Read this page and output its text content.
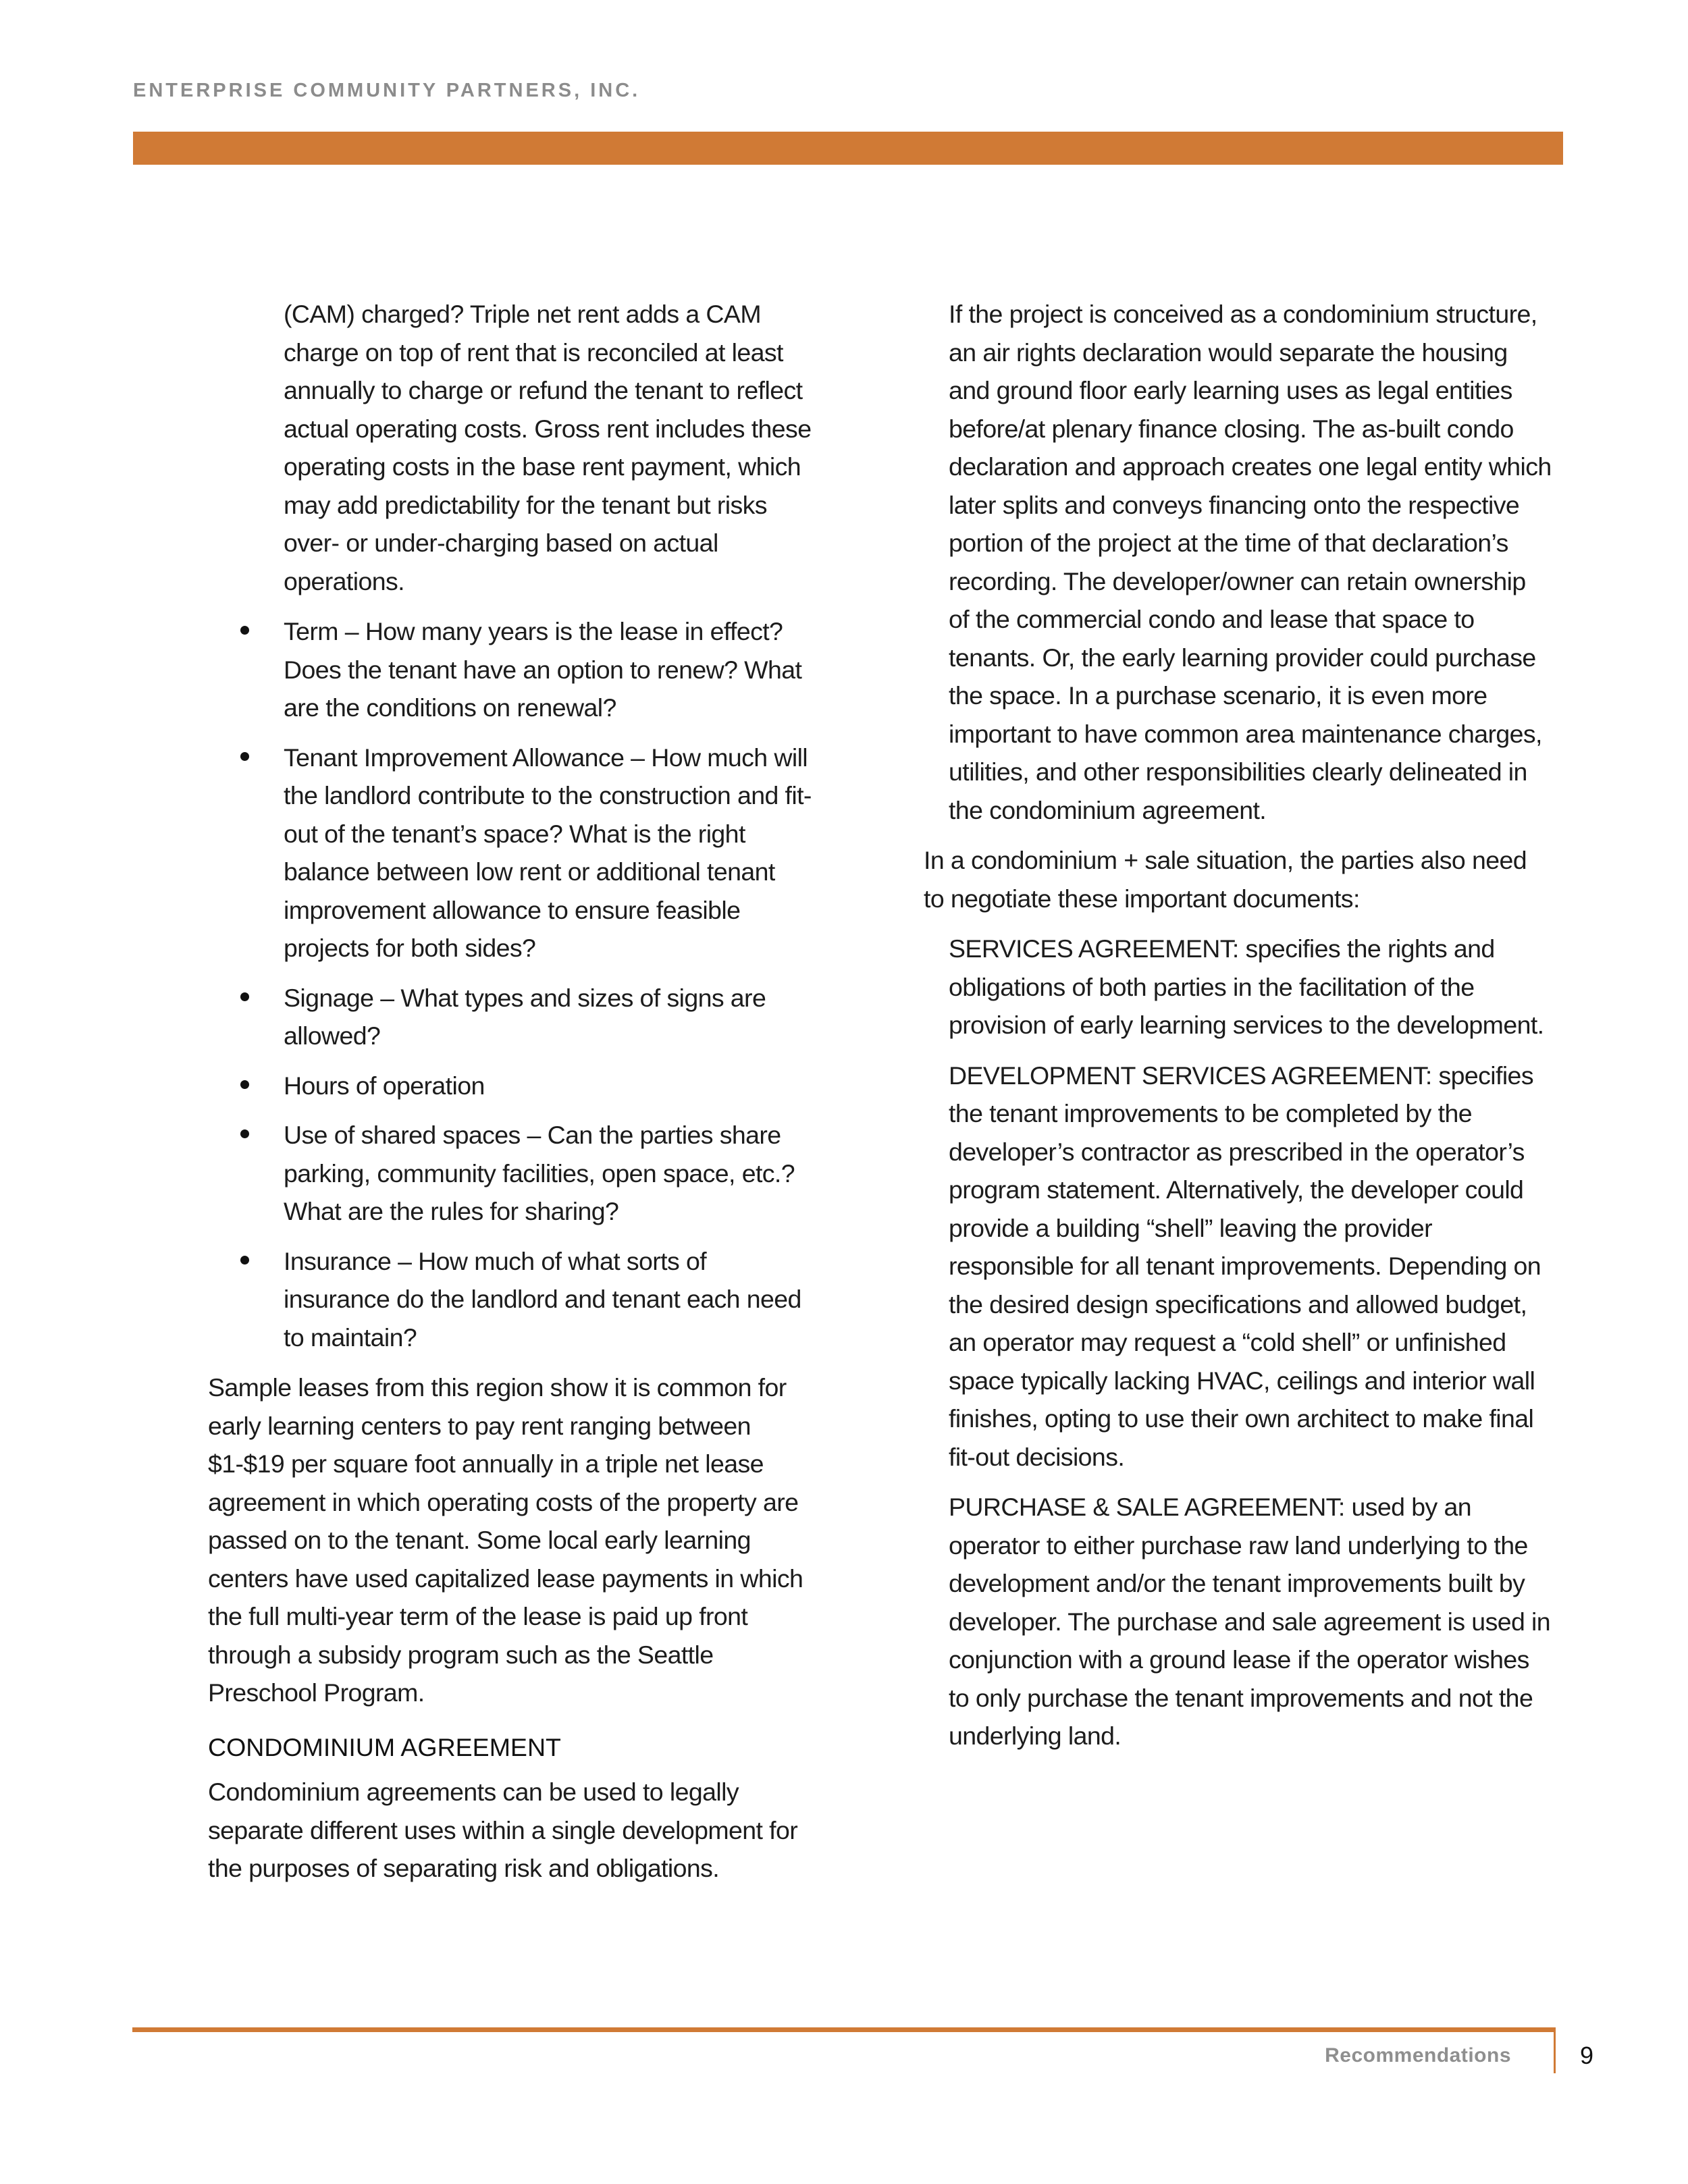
ENTERPRISE COMMUNITY PARTNERS, INC.

(CAM) charged? Triple net rent adds a CAM charge on top of rent that is reconciled at least annually to charge or refund the tenant to reflect actual operating costs. Gross rent includes these operating costs in the base rent payment, which may add predictability for the tenant but risks over- or under-charging based on actual operations.

Term – How many years is the lease in effect? Does the tenant have an option to renew? What are the conditions on renewal?
Tenant Improvement Allowance – How much will the landlord contribute to the construction and fit-out of the tenant’s space? What is the right balance between low rent or additional tenant improvement allowance to ensure feasible projects for both sides?
Signage – What types and sizes of signs are allowed?
Hours of operation
Use of shared spaces – Can the parties share parking, community facilities, open space, etc.? What are the rules for sharing?
Insurance – How much of what sorts of insurance do the landlord and tenant each need to maintain?

Sample leases from this region show it is common for early learning centers to pay rent ranging between $1-$19 per square foot annually in a triple net lease agreement in which operating costs of the property are passed on to the tenant. Some local early learning centers have used capitalized lease payments in which the full multi-year term of the lease is paid up front through a subsidy program such as the Seattle Preschool Program.

CONDOMINIUM AGREEMENT

Condominium agreements can be used to legally separate different uses within a single development for the purposes of separating risk and obligations.

If the project is conceived as a condominium structure, an air rights declaration would separate the housing and ground floor early learning uses as legal entities before/at plenary finance closing. The as-built condo declaration and approach creates one legal entity which later splits and conveys financing onto the respective portion of the project at the time of that declaration’s recording. The developer/owner can retain ownership of the commercial condo and lease that space to tenants. Or, the early learning provider could purchase the space. In a purchase scenario, it is even more important to have common area maintenance charges, utilities, and other responsibilities clearly delineated in the condominium agreement.

In a condominium + sale situation, the parties also need to negotiate these important documents:

SERVICES AGREEMENT: specifies the rights and obligations of both parties in the facilitation of the provision of early learning services to the development.

DEVELOPMENT SERVICES AGREEMENT: specifies the tenant improvements to be completed by the developer’s contractor as prescribed in the operator’s program statement. Alternatively, the developer could provide a building “shell” leaving the provider responsible for all tenant improvements. Depending on the desired design specifications and allowed budget, an operator may request a “cold shell” or unfinished space typically lacking HVAC, ceilings and interior wall finishes, opting to use their own architect to make final fit-out decisions.

PURCHASE & SALE AGREEMENT: used by an operator to either purchase raw land underlying to the development and/or the tenant improvements built by developer. The purchase and sale agreement is used in conjunction with a ground lease if the operator wishes to only purchase the tenant improvements and not the underlying land.

Recommendations	9
